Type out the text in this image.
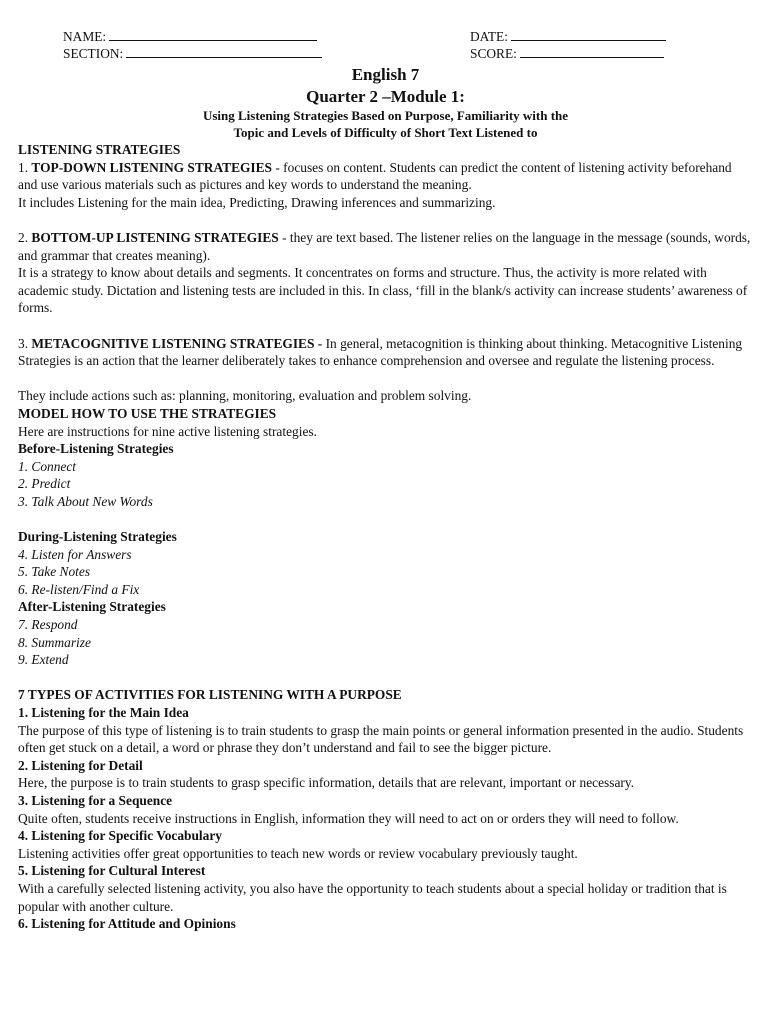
NAME:	DATE:
SECTION:	SCORE:
English 7
Quarter 2 –Module 1:
Using Listening Strategies Based on Purpose, Familiarity with the
Topic and Levels of Difficulty of Short Text Listened to

LISTENING STRATEGIES

1. TOP-DOWN LISTENING STRATEGIES - focuses on content. Students can predict the content of listening activity beforehand and use various materials such as pictures and key words to understand the meaning.

It includes Listening for the main idea, Predicting, Drawing inferences and summarizing.

2. BOTTOM-UP LISTENING STRATEGIES - they are text based. The listener relies on the language in the message (sounds, words, and grammar that creates meaning).

It is a strategy to know about details and segments. It concentrates on forms and structure. Thus, the activity is more related with academic study. Dictation and listening tests are included in this. In class, ‘fill in the blank/s activity can increase students’ awareness of forms.

3. METACOGNITIVE LISTENING STRATEGIES - In general, metacognition is thinking about thinking. Metacognitive Listening Strategies is an action that the learner deliberately takes to enhance comprehension and oversee and regulate the listening process.

They include actions such as: planning, monitoring, evaluation and problem solving.

MODEL HOW TO USE THE STRATEGIES

Here are instructions for nine active listening strategies.

Before-Listening Strategies

1. Connect

2. Predict

3. Talk About New Words

During-Listening Strategies

4. Listen for Answers

5. Take Notes

6. Re-listen/Find a Fix

After-Listening Strategies

7. Respond

8. Summarize

9. Extend

7 TYPES OF ACTIVITIES FOR LISTENING WITH A PURPOSE

1. Listening for the Main Idea

The purpose of this type of listening is to train students to grasp the main points or general information presented in the audio. Students often get stuck on a detail, a word or phrase they don’t understand and fail to see the bigger picture.

2. Listening for Detail

Here, the purpose is to train students to grasp specific information, details that are relevant, important or necessary.

3. Listening for a Sequence

Quite often, students receive instructions in English, information they will need to act on or orders they will need to follow.

4. Listening for Specific Vocabulary

Listening activities offer great opportunities to teach new words or review vocabulary previously taught.

5. Listening for Cultural Interest

With a carefully selected listening activity, you also have the opportunity to teach students about a special holiday or tradition that is popular with another culture.

6. Listening for Attitude and Opinions
